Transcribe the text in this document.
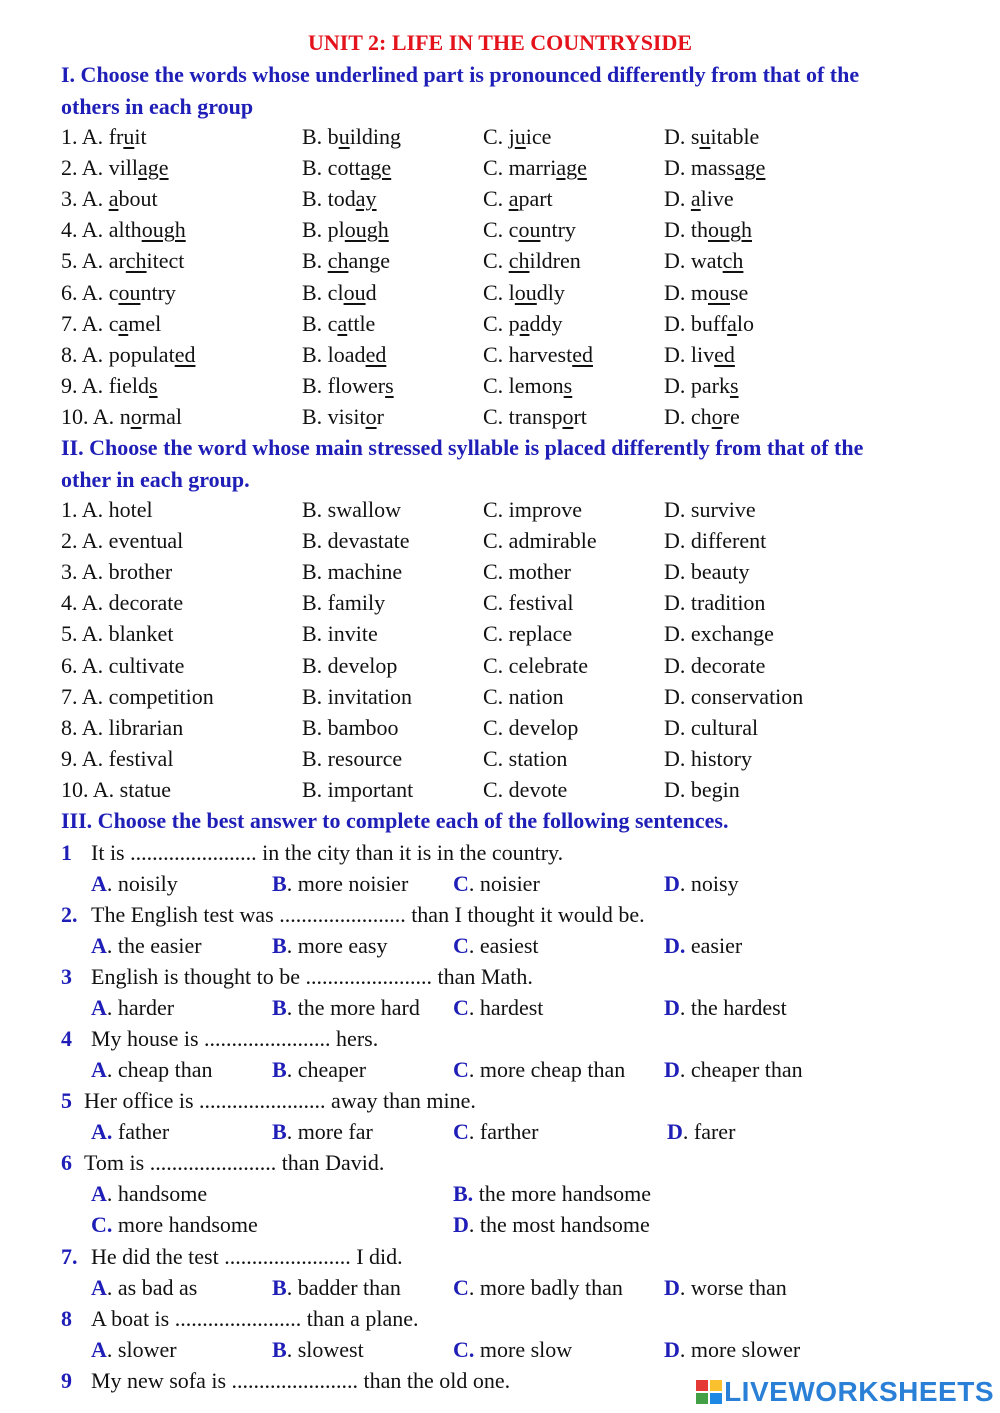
UNIT 2: LIFE IN THE COUNTRYSIDE
I. Choose the words whose underlined part is pronounced differently from that of the
others in each group
1. A. fruit	B. building	C. juice	D. suitable
2. A. village	B. cottage	C. marriage	D. massage
3. A. about	B. today	C. apart	D. alive
4. A. although	B. plough	C. country	D. though
5. A. architect	B. change	C. children	D. watch
6. A. country	B. cloud	C. loudly	D. mouse
7. A. camel	B. cattle	C. paddy	D. buffalo
8. A. populated	B. loaded	C. harvested	D. lived
9. A. fields	B. flowers	C. lemons	D. parks
10. A. normal	B. visitor	C. transport	D. chore
II. Choose the word whose main stressed syllable is placed differently from that of the
other in each group.
1. A. hotel	B. swallow	C. improve	D. survive
2. A. eventual	B. devastate	C. admirable	D. different
3. A. brother	B. machine	C. mother	D. beauty
4. A. decorate	B. family	C. festival	D. tradition
5. A. blanket	B. invite	C. replace	D. exchange
6. A. cultivate	B. develop	C. celebrate	D. decorate
7. A. competition	B. invitation	C. nation	D. conservation
8. A. librarian	B. bamboo	C. develop	D. cultural
9. A. festival	B. resource	C. station	D. history
10. A. statue	B. important	C. devote	D. begin
III. Choose the best answer to complete each of the following sentences.
1 It is ....................... in the city than it is in the country.
A. noisily	B. more noisier C. noisier	D. noisy
2. The English test was ....................... than I thought it would be.
A. the easier	B. more easy	C. easiest	D. easier
3 English is thought to be ....................... than Math.
A. harder	B. the more hard C. hardest	D. the hardest
4 My house is ....................... hers.
A. cheap than	B. cheaper	C. more cheap than D. cheaper than
5 Her office is ....................... away than mine.
A. father	B. more far	C. farther	D. farer
6 Tom is ....................... than David.
A. handsome	B. the more handsome
C. more handsome	D. the most handsome
7. He did the test ....................... I did.
A. as bad as	B. badder than C. more badly than D. worse than
8 A boat is ....................... than a plane.
A. slower	B. slowest	C. more slow	D. more slower
9 My new sofa is ....................... than the old one.	LIVEWORKSHEETS
